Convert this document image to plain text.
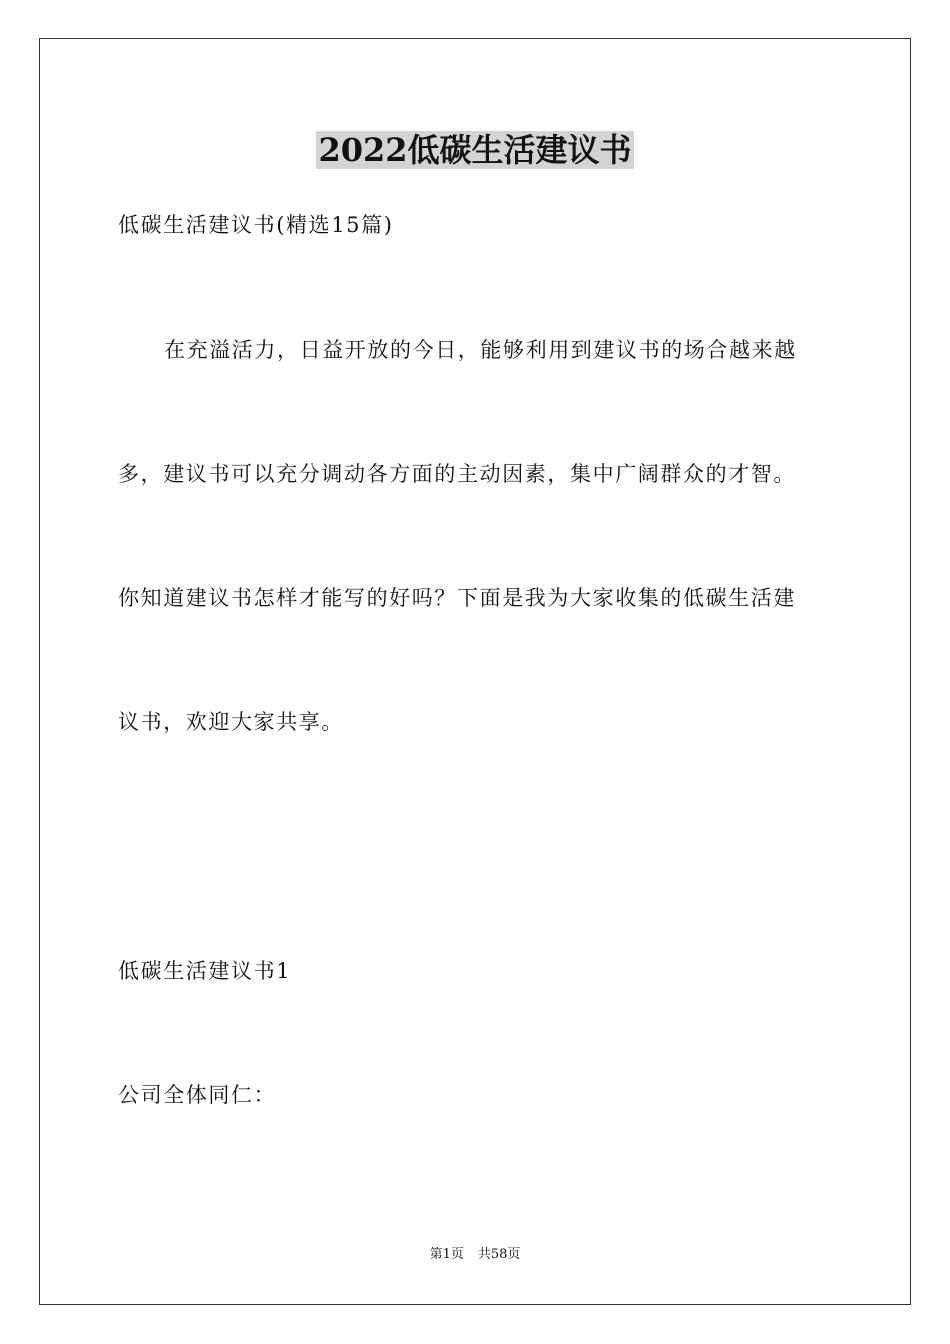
2022低碳生活建议书

低碳生活建议书(精选15篇)

在充溢活力，日益开放的今日，能够利用到建议书的场合越来越

多，建议书可以充分调动各方面的主动因素，集中广阔群众的才智。

你知道建议书怎样才能写的好吗？下面是我为大家收集的低碳生活建

议书，欢迎大家共享。

低碳生活建议书1

公司全体同仁：

第1页 共58页
